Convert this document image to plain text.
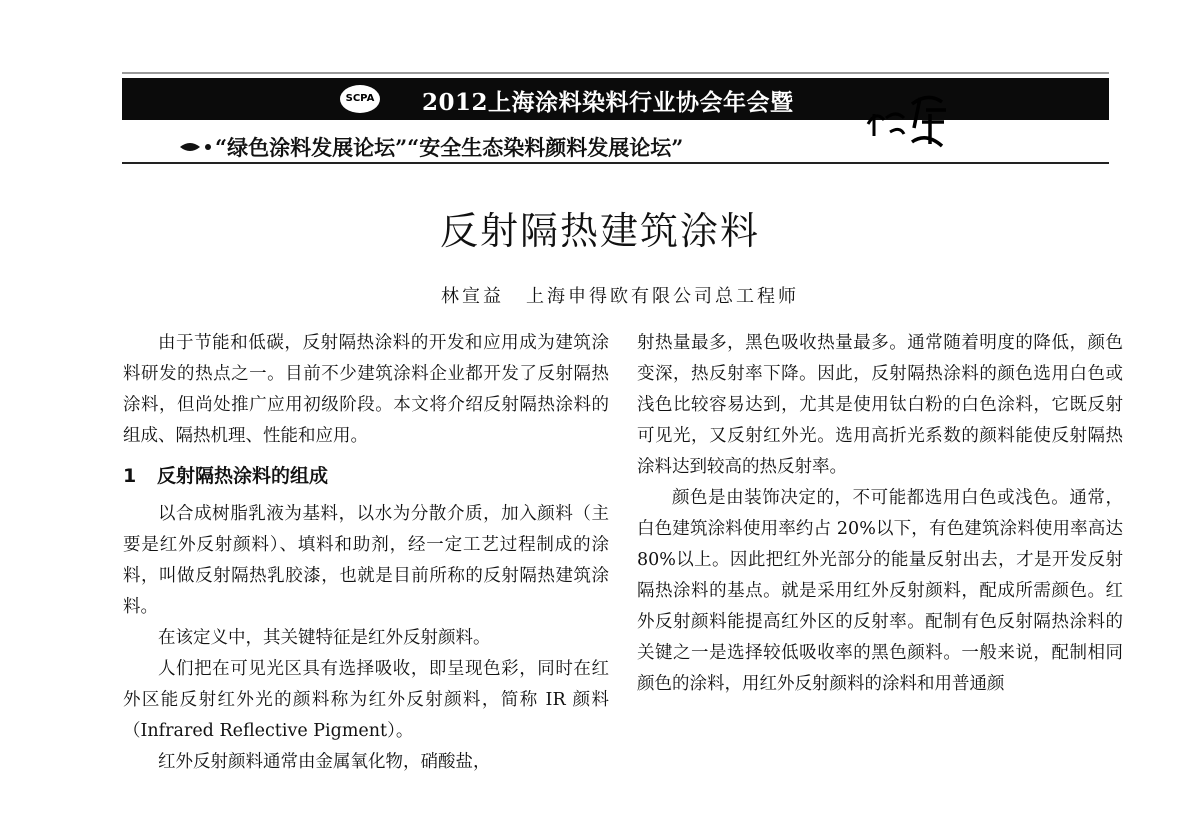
SCPA 2012上海涂料染料行业协会年会暨
“绿色涂料发展论坛”“安全生态染料颜料发展论坛”
反射隔热建筑涂料
林宣益 上海申得欧有限公司总工程师

由于节能和低碳，反射隔热涂料的开发和应用成为建筑涂料研发的热点之一。目前不少建筑涂料企业都开发了反射隔热涂料，但尚处推广应用初级阶段。本文将介绍反射隔热涂料的组成、隔热机理、性能和应用。

1 反射隔热涂料的组成

以合成树脂乳液为基料，以水为分散介质，加入颜料（主要是红外反射颜料）、填料和助剂，经一定工艺过程制成的涂料，叫做反射隔热乳胶漆，也就是目前所称的反射隔热建筑涂料。

在该定义中，其关键特征是红外反射颜料。

人们把在可见光区具有选择吸收，即呈现色彩，同时在红外区能反射红外光的颜料称为红外反射颜料，简称 IR 颜料（Infrared Reflective Pigment）。

红外反射颜料通常由金属氧化物，硝酸盐，

射热量最多，黑色吸收热量最多。通常随着明度的降低，颜色变深，热反射率下降。因此，反射隔热涂料的颜色选用白色或浅色比较容易达到，尤其是使用钛白粉的白色涂料，它既反射可见光，又反射红外光。选用高折光系数的颜料能使反射隔热涂料达到较高的热反射率。

颜色是由装饰决定的，不可能都选用白色或浅色。通常，白色建筑涂料使用率约占 20%以下，有色建筑涂料使用率高达 80%以上。因此把红外光部分的能量反射出去，才是开发反射隔热涂料的基点。就是采用红外反射颜料，配成所需颜色。红外反射颜料能提高红外区的反射率。配制有色反射隔热涂料的关键之一是选择较低吸收率的黑色颜料。一般来说，配制相同颜色的涂料，用红外反射颜料的涂料和用普通颜
